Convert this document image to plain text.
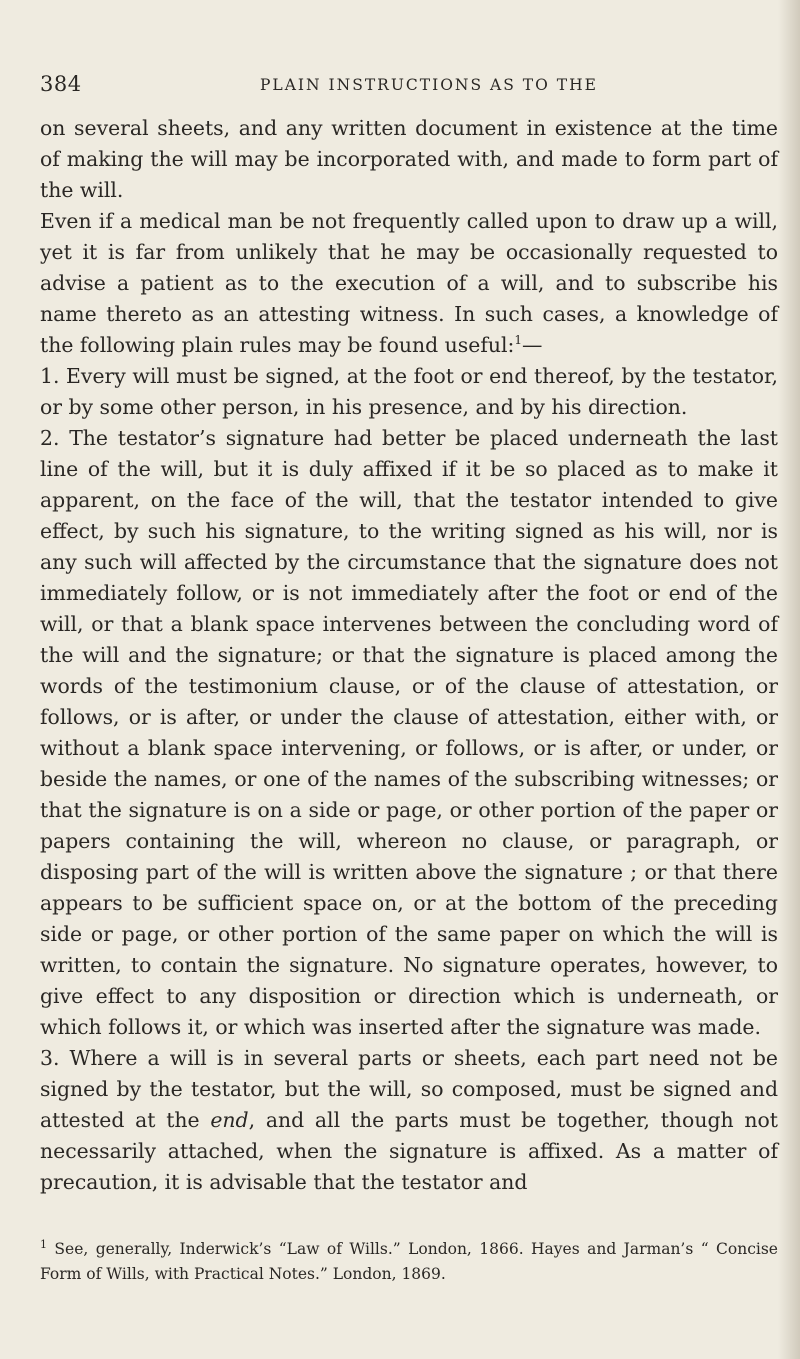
384	PLAIN INSTRUCTIONS AS TO THE

on several sheets, and any written document in existence at the time of making the will may be incorporated with, and made to form part of the will.

Even if a medical man be not frequently called upon to draw up a will, yet it is far from unlikely that he may be occasionally requested to advise a patient as to the execution of a will, and to subscribe his name thereto as an attesting witness. In such cases, a knowledge of the following plain rules may be found useful:$^1$—

1. Every will must be signed, at the foot or end thereof, by the testator, or by some other person, in his presence, and by his direction.

2. The testator’s signature had better be placed underneath the last line of the will, but it is duly affixed if it be so placed as to make it apparent, on the face of the will, that the testator intended to give effect, by such his signature, to the writing signed as his will, nor is any such will affected by the circumstance that the signature does not immediately follow, or is not immediately after the foot or end of the will, or that a blank space intervenes between the concluding word of the will and the signature; or that the signature is placed among the words of the testimonium clause, or of the clause of attestation, or follows, or is after, or under the clause of attestation, either with, or without a blank space intervening, or follows, or is after, or under, or beside the names, or one of the names of the subscribing witnesses; or that the signature is on a side or page, or other portion of the paper or papers containing the will, whereon no clause, or paragraph, or disposing part of the will is written above the signature ; or that there appears to be sufficient space on, or at the bottom of the preceding side or page, or other portion of the same paper on which the will is written, to contain the signature. No signature operates, however, to give effect to any disposition or direction which is underneath, or which follows it, or which was inserted after the signature was made.

3. Where a will is in several parts or sheets, each part need not be signed by the testator, but the will, so composed, must be signed and attested at the end, and all the parts must be together, though not necessarily attached, when the signature is affixed. As a matter of precaution, it is advisable that the testator and

$^1$ See, generally, Inderwick’s “Law of Wills.” London, 1866. Hayes and Jarman’s “ Concise Form of Wills, with Practical Notes.” London, 1869.
